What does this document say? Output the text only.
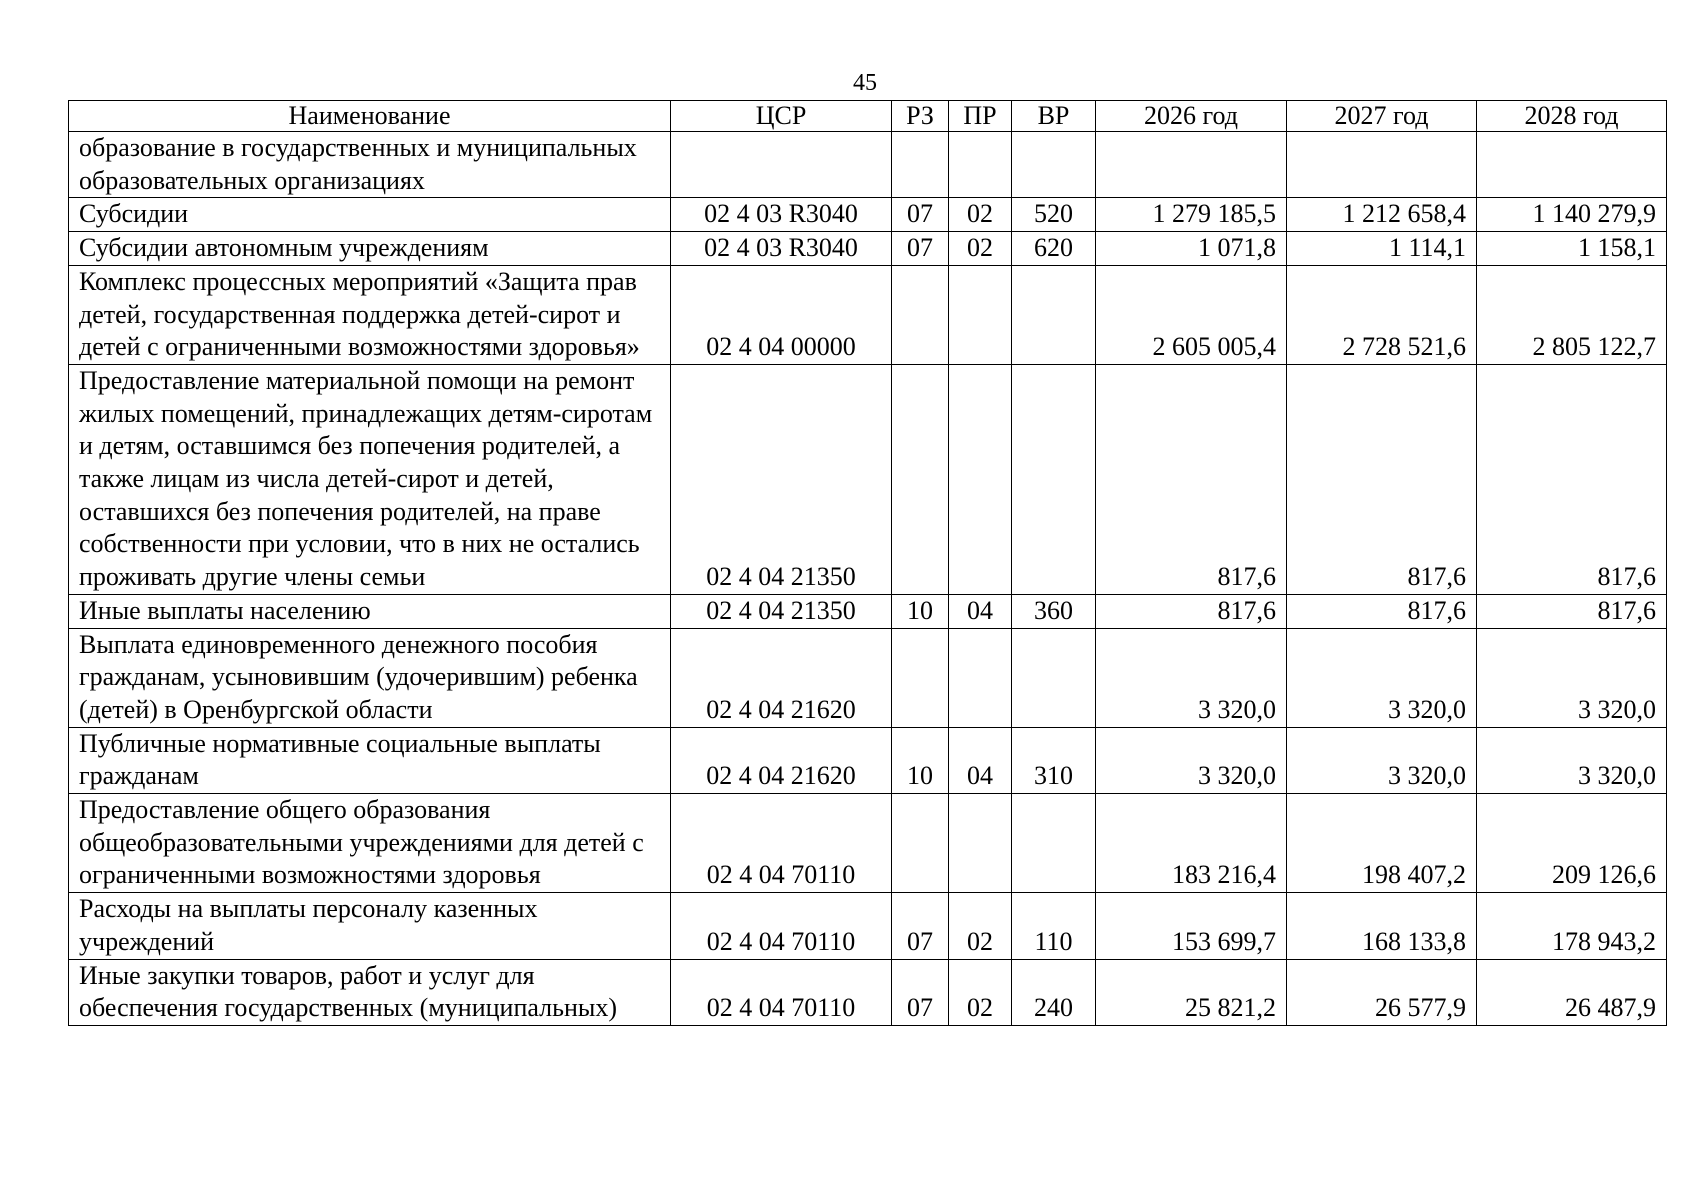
45
Наименование	ЦСР	РЗ	ПР	ВР	2026 год	2027 год	2028 год
образование в государственных и муниципальных образовательных организациях							
Субсидии	02 4 03 R3040	07	02	520	1 279 185,5	1 212 658,4	1 140 279,9
Субсидии автономным учреждениям	02 4 03 R3040	07	02	620	1 071,8	1 114,1	1 158,1
Комплекс процессных мероприятий «Защита прав детей, государственная поддержка детей-сирот и детей с ограниченными возможностями здоровья»	02 4 04 00000				2 605 005,4	2 728 521,6	2 805 122,7
Предоставление материальной помощи на ремонт жилых помещений, принадлежащих детям-сиротам и детям, оставшимся без попечения родителей, а также лицам из числа детей-сирот и детей, оставшихся без попечения родителей, на праве собственности при условии, что в них не остались проживать другие члены семьи	02 4 04 21350				817,6	817,6	817,6
Иные выплаты населению	02 4 04 21350	10	04	360	817,6	817,6	817,6
Выплата единовременного денежного пособия гражданам, усыновившим (удочерившим) ребенка (детей) в Оренбургской области	02 4 04 21620				3 320,0	3 320,0	3 320,0
Публичные нормативные социальные выплаты гражданам	02 4 04 21620	10	04	310	3 320,0	3 320,0	3 320,0
Предоставление общего образования общеобразовательными учреждениями для детей с ограниченными возможностями здоровья	02 4 04 70110				183 216,4	198 407,2	209 126,6
Расходы на выплаты персоналу казенных учреждений	02 4 04 70110	07	02	110	153 699,7	168 133,8	178 943,2
Иные закупки товаров, работ и услуг для обеспечения государственных (муниципальных)	02 4 04 70110	07	02	240	25 821,2	26 577,9	26 487,9
